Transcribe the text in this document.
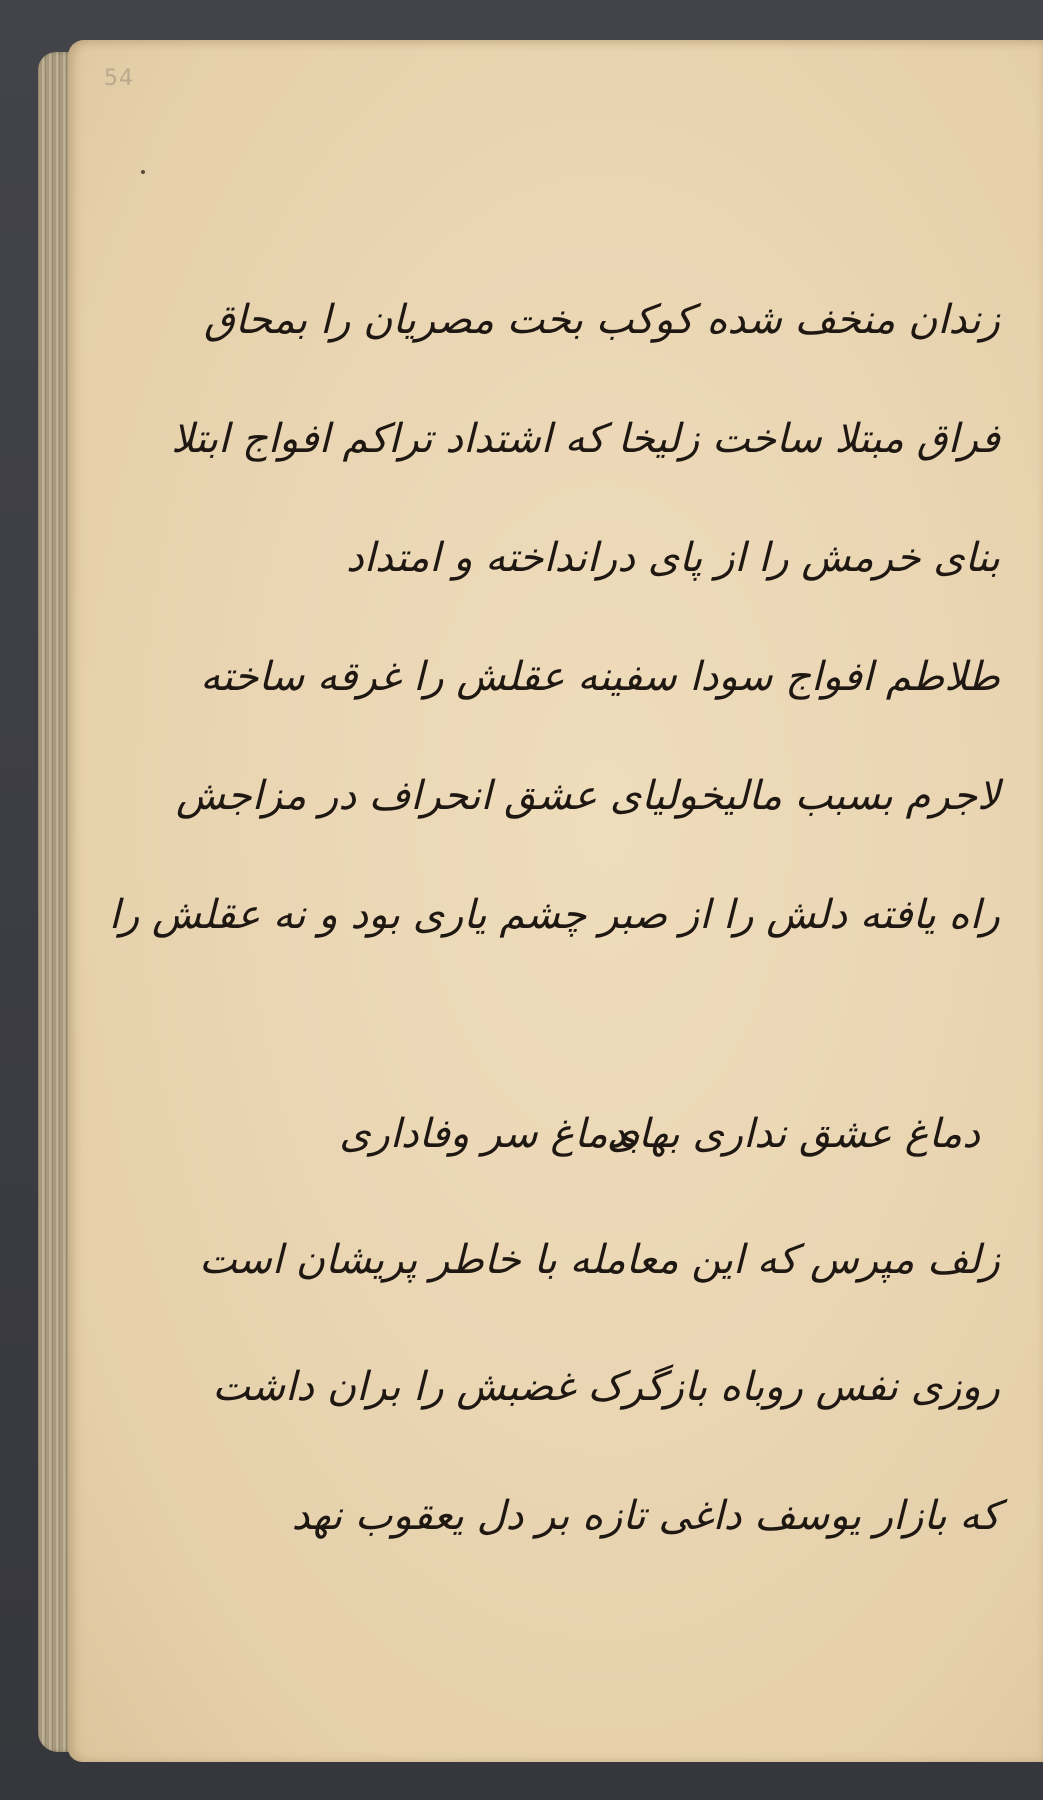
54
زندان منخف شده کوکب بخت مصریان را بمحاق
فراق مبتلا ساخت زلیخا که اشتداد تراکم افواج ابتلا
بنای خرمش را از پای درانداخته و امتداد
طلاطم افواج سودا سفینه عقلش را غرقه ساخته
لاجرم بسبب مالیخولیای عشق انحراف در مزاجش
راه یافته دلش را از صبر چشم یاری بود و نه عقلش را
بدماغ سر وفاداری
دماغ عشق نداری بهای
زلف مپرس که این معامله با خاطر پریشان است
روزی نفس روباه بازگرک غضبش را بران داشت
که بازار یوسف داغی تازه بر دل یعقوب نهد
